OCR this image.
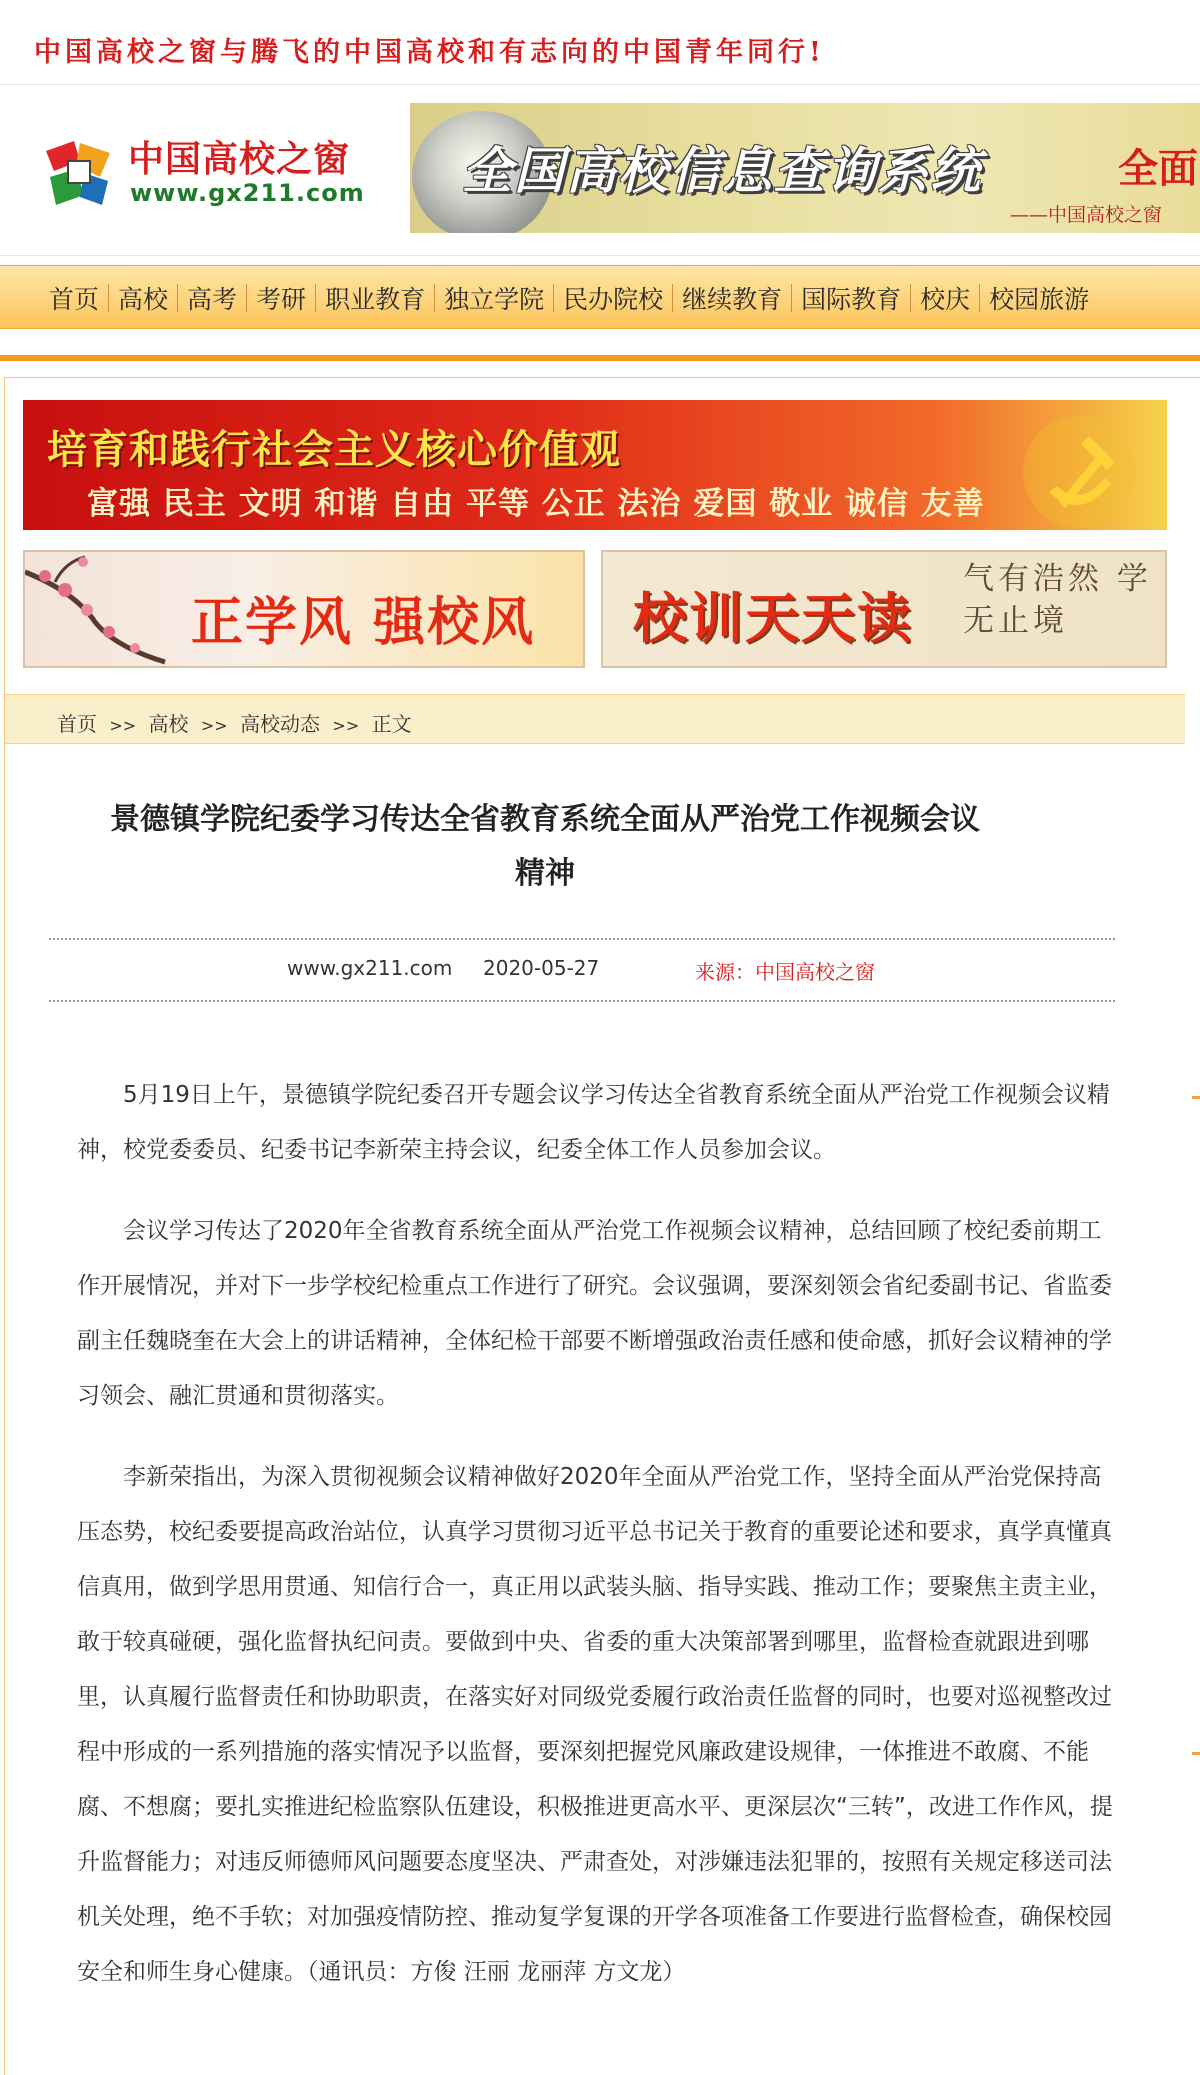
中国高校之窗与腾飞的中国高校和有志向的中国青年同行!
中国高校之窗
www.gx211.com 全国高校信息查询系统	全面
——中国高校之窗
首页 高校 高考 考研 职业教育 独立学院 民办院校 继续教育 国际教育 校庆 校园旅游
培育和践行社会主义核心价值观
富强 民主 文明 和谐 自由 平等 公正 法治 爱国 敬业 诚信 友善
正学风 强校风 校训天天读
气有浩然 学无止境
首页 >> 高校 >> 高校动态 >> 正文
景德镇学院纪委学习传达全省教育系统全面从严治党工作视频会议精神
www.gx211.com 2020-05-27	来源：中国高校之窗

5月19日上午，景德镇学院纪委召开专题会议学习传达全省教育系统全面从严治党工作视频会议精神，校党委委员、纪委书记李新荣主持会议，纪委全体工作人员参加会议。

会议学习传达了2020年全省教育系统全面从严治党工作视频会议精神，总结回顾了校纪委前期工作开展情况，并对下一步学校纪检重点工作进行了研究。会议强调，要深刻领会省纪委副书记、省监委副主任魏晓奎在大会上的讲话精神，全体纪检干部要不断增强政治责任感和使命感，抓好会议精神的学习领会、融汇贯通和贯彻落实。

李新荣指出，为深入贯彻视频会议精神做好2020年全面从严治党工作，坚持全面从严治党保持高压态势，校纪委要提高政治站位，认真学习贯彻习近平总书记关于教育的重要论述和要求，真学真懂真信真用，做到学思用贯通、知信行合一，真正用以武装头脑、指导实践、推动工作；要聚焦主责主业，敢于较真碰硬，强化监督执纪问责。要做到中央、省委的重大决策部署到哪里，监督检查就跟进到哪里，认真履行监督责任和协助职责，在落实好对同级党委履行政治责任监督的同时，也要对巡视整改过程中形成的一系列措施的落实情况予以监督，要深刻把握党风廉政建设规律，一体推进不敢腐、不能腐、不想腐；要扎实推进纪检监察队伍建设，积极推进更高水平、更深层次“三转”，改进工作作风，提升监督能力；对违反师德师风问题要态度坚决、严肃查处，对涉嫌违法犯罪的，按照有关规定移送司法机关处理，绝不手软；对加强疫情防控、推动复学复课的开学各项准备工作要进行监督检查，确保校园安全和师生身心健康。（通讯员：方俊 汪丽 龙丽萍 方文龙）
